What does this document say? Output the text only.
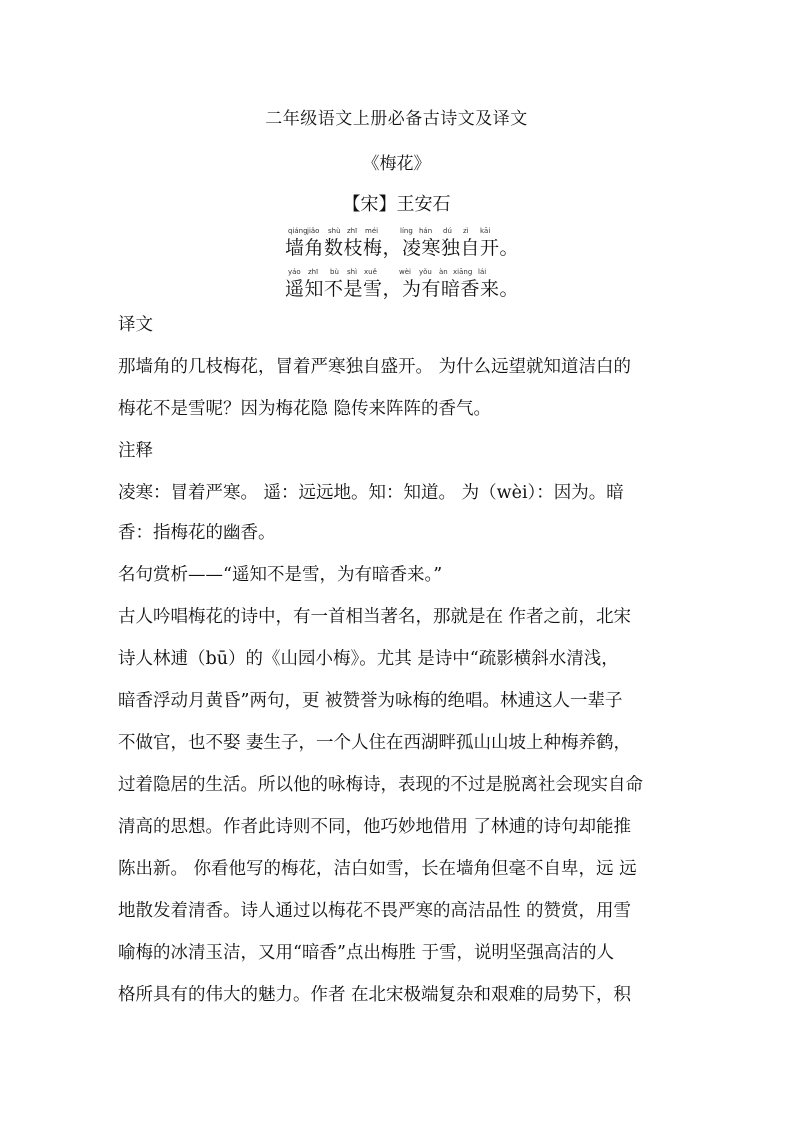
二年级语文上册必备古诗文及译文
《梅花》
【宋】王安石
qiáng jiǎo shù zhī méi	líng hán dú zì kāi
墙角数枝梅，凌寒独自开。
yáo zhī bù shì xuě	wèi yǒu àn xiāng lái
遥知不是雪，为有暗香来。
译文
那墙角的几枝梅花，冒着严寒独自盛开。 为什么远望就知道洁白的
梅花不是雪呢？因为梅花隐 隐传来阵阵的香气。
注释
凌寒：冒着严寒。 遥：远远地。知：知道。 为（wèi）：因为。暗
香：指梅花的幽香。
名句赏析——“遥知不是雪，为有暗香来。”
古人吟唱梅花的诗中，有一首相当著名，那就是在 作者之前，北宋
诗人林逋（bū）的《山园小梅》。尤其 是诗中“疏影横斜水清浅，
暗香浮动月黄昏”两句，更 被赞誉为咏梅的绝唱。林逋这人一辈子
不做官，也不娶 妻生子，一个人住在西湖畔孤山山坡上种梅养鹤，
过着隐居的生活。所以他的咏梅诗，表现的不过是脱离社会现实自命
清高的思想。作者此诗则不同，他巧妙地借用 了林逋的诗句却能推
陈出新。 你看他写的梅花，洁白如雪，长在墙角但毫不自卑，远 远
地散发着清香。诗人通过以梅花不畏严寒的高洁品性 的赞赏，用雪
喻梅的冰清玉洁，又用“暗香”点出梅胜 于雪，说明坚强高洁的人
格所具有的伟大的魅力。作者 在北宋极端复杂和艰难的局势下，积
